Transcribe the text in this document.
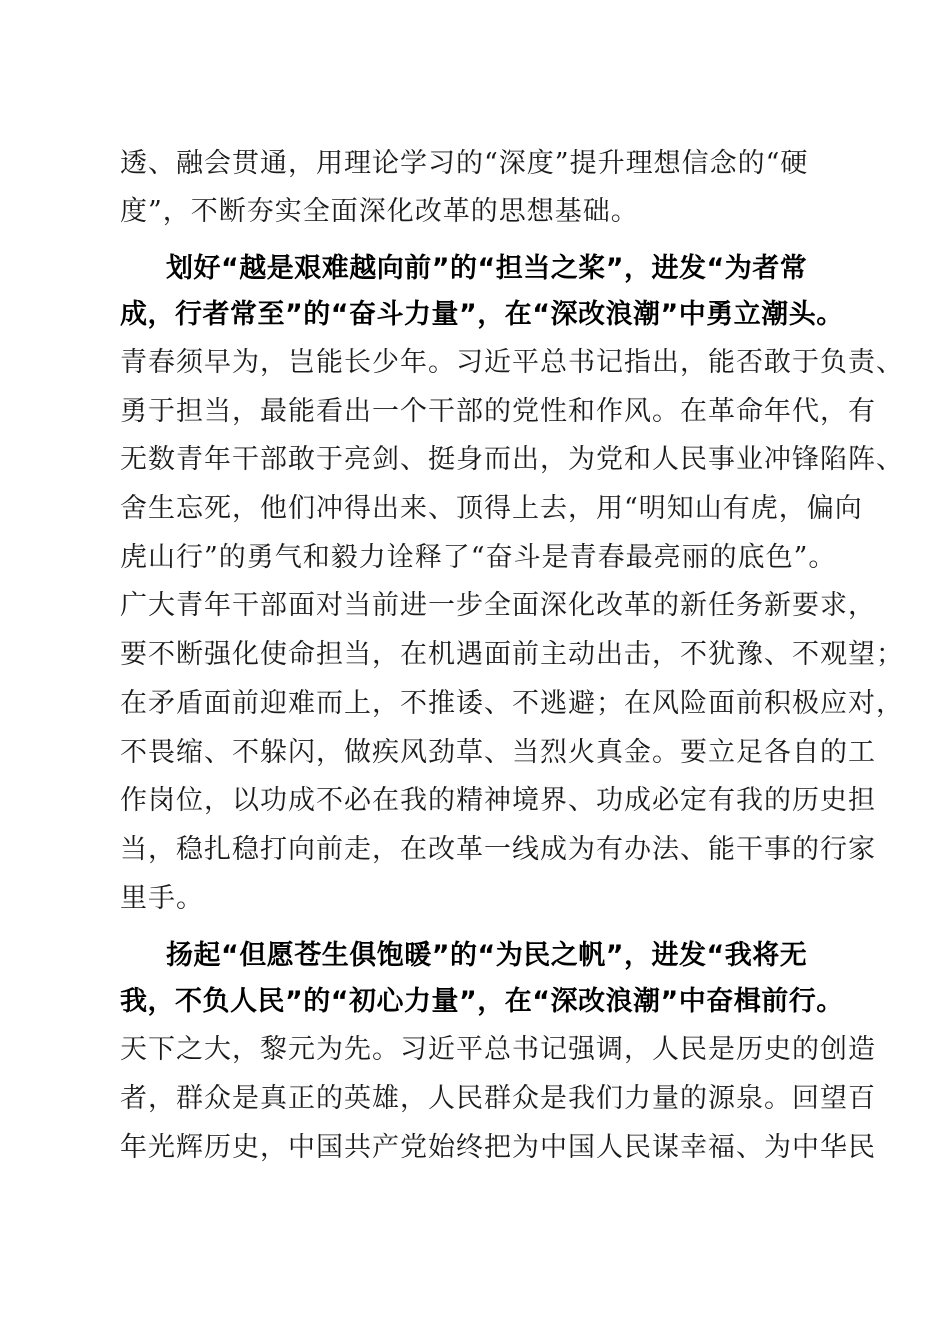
透、融会贯通，用理论学习的“深度”提升理想信念的“硬
度”，不断夯实全面深化改革的思想基础。
划好“越是艰难越向前”的“担当之桨”，进发“为者常
成，行者常至”的“奋斗力量”，在“深改浪潮”中勇立潮头。
青春须早为，岂能长少年。习近平总书记指出，能否敢于负责、
勇于担当，最能看出一个干部的党性和作风。在革命年代，有
无数青年干部敢于亮剑、挺身而出，为党和人民事业冲锋陷阵、
舍生忘死，他们冲得出来、顶得上去，用“明知山有虎，偏向
虎山行”的勇气和毅力诠释了“奋斗是青春最亮丽的底色”。
广大青年干部面对当前进一步全面深化改革的新任务新要求，
要不断强化使命担当，在机遇面前主动出击，不犹豫、不观望；
在矛盾面前迎难而上，不推诿、不逃避；在风险面前积极应对，
不畏缩、不躲闪，做疾风劲草、当烈火真金。要立足各自的工
作岗位，以功成不必在我的精神境界、功成必定有我的历史担
当，稳扎稳打向前走，在改革一线成为有办法、能干事的行家
里手。
扬起“但愿苍生俱饱暖”的“为民之帆”，进发“我将无
我，不负人民”的“初心力量”，在“深改浪潮”中奋楫前行。
天下之大，黎元为先。习近平总书记强调，人民是历史的创造
者，群众是真正的英雄，人民群众是我们力量的源泉。回望百
年光辉历史，中国共产党始终把为中国人民谋幸福、为中华民
